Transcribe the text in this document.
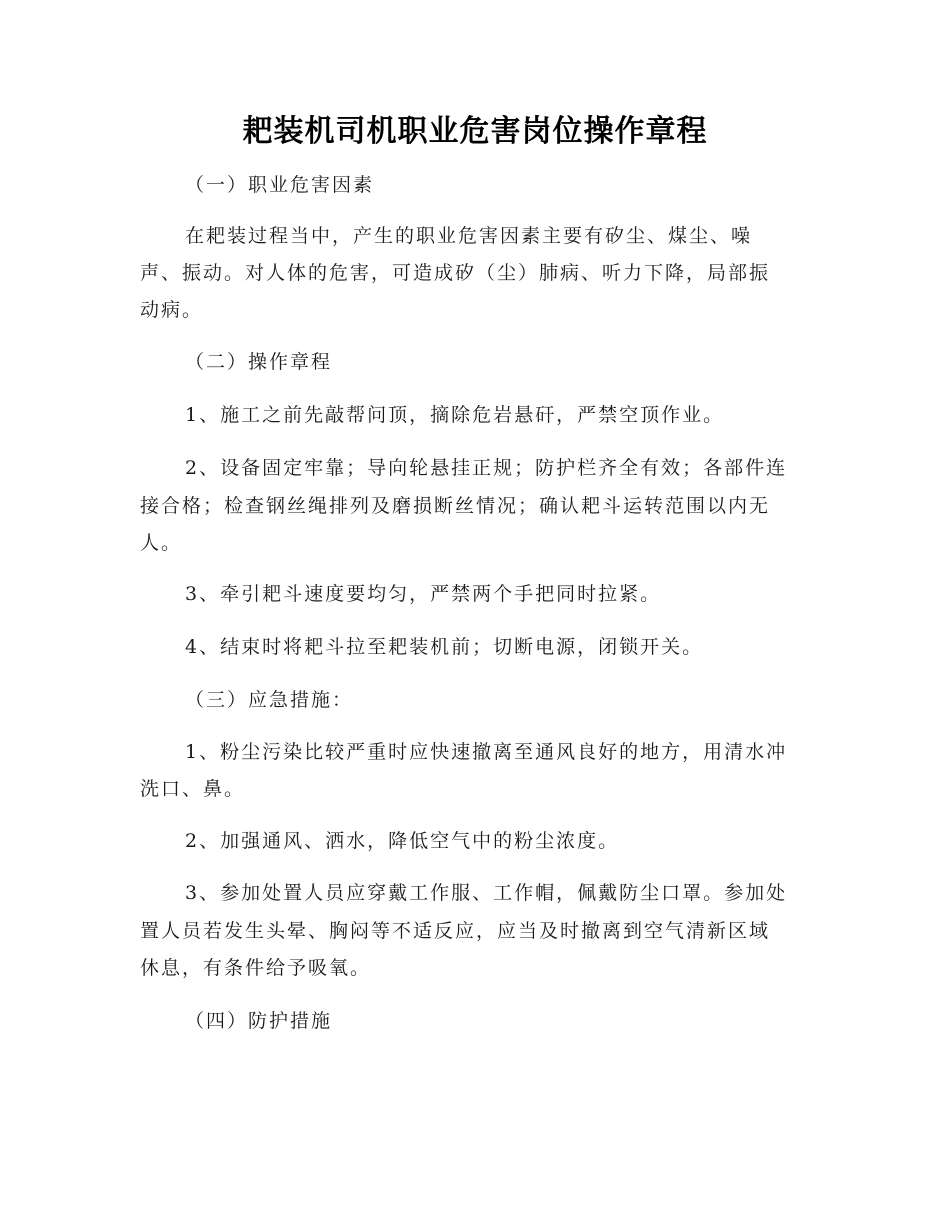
耙装机司机职业危害岗位操作章程
（一）职业危害因素
在耙装过程当中，产生的职业危害因素主要有矽尘、煤尘、噪
声、振动。对人体的危害，可造成矽（尘）肺病、听力下降，局部振
动病。
（二）操作章程
1、施工之前先敲帮问顶，摘除危岩悬矸，严禁空顶作业。
2、设备固定牢靠；导向轮悬挂正规；防护栏齐全有效；各部件连
接合格；检查钢丝绳排列及磨损断丝情况；确认耙斗运转范围以内无
人。
3、牵引耙斗速度要均匀，严禁两个手把同时拉紧。
4、结束时将耙斗拉至耙装机前；切断电源，闭锁开关。
（三）应急措施：
1、粉尘污染比较严重时应快速撤离至通风良好的地方，用清水冲
洗口、鼻。
2、加强通风、洒水，降低空气中的粉尘浓度。
3、参加处置人员应穿戴工作服、工作帽，佩戴防尘口罩。参加处
置人员若发生头晕、胸闷等不适反应，应当及时撤离到空气清新区域
休息，有条件给予吸氧。
（四）防护措施
